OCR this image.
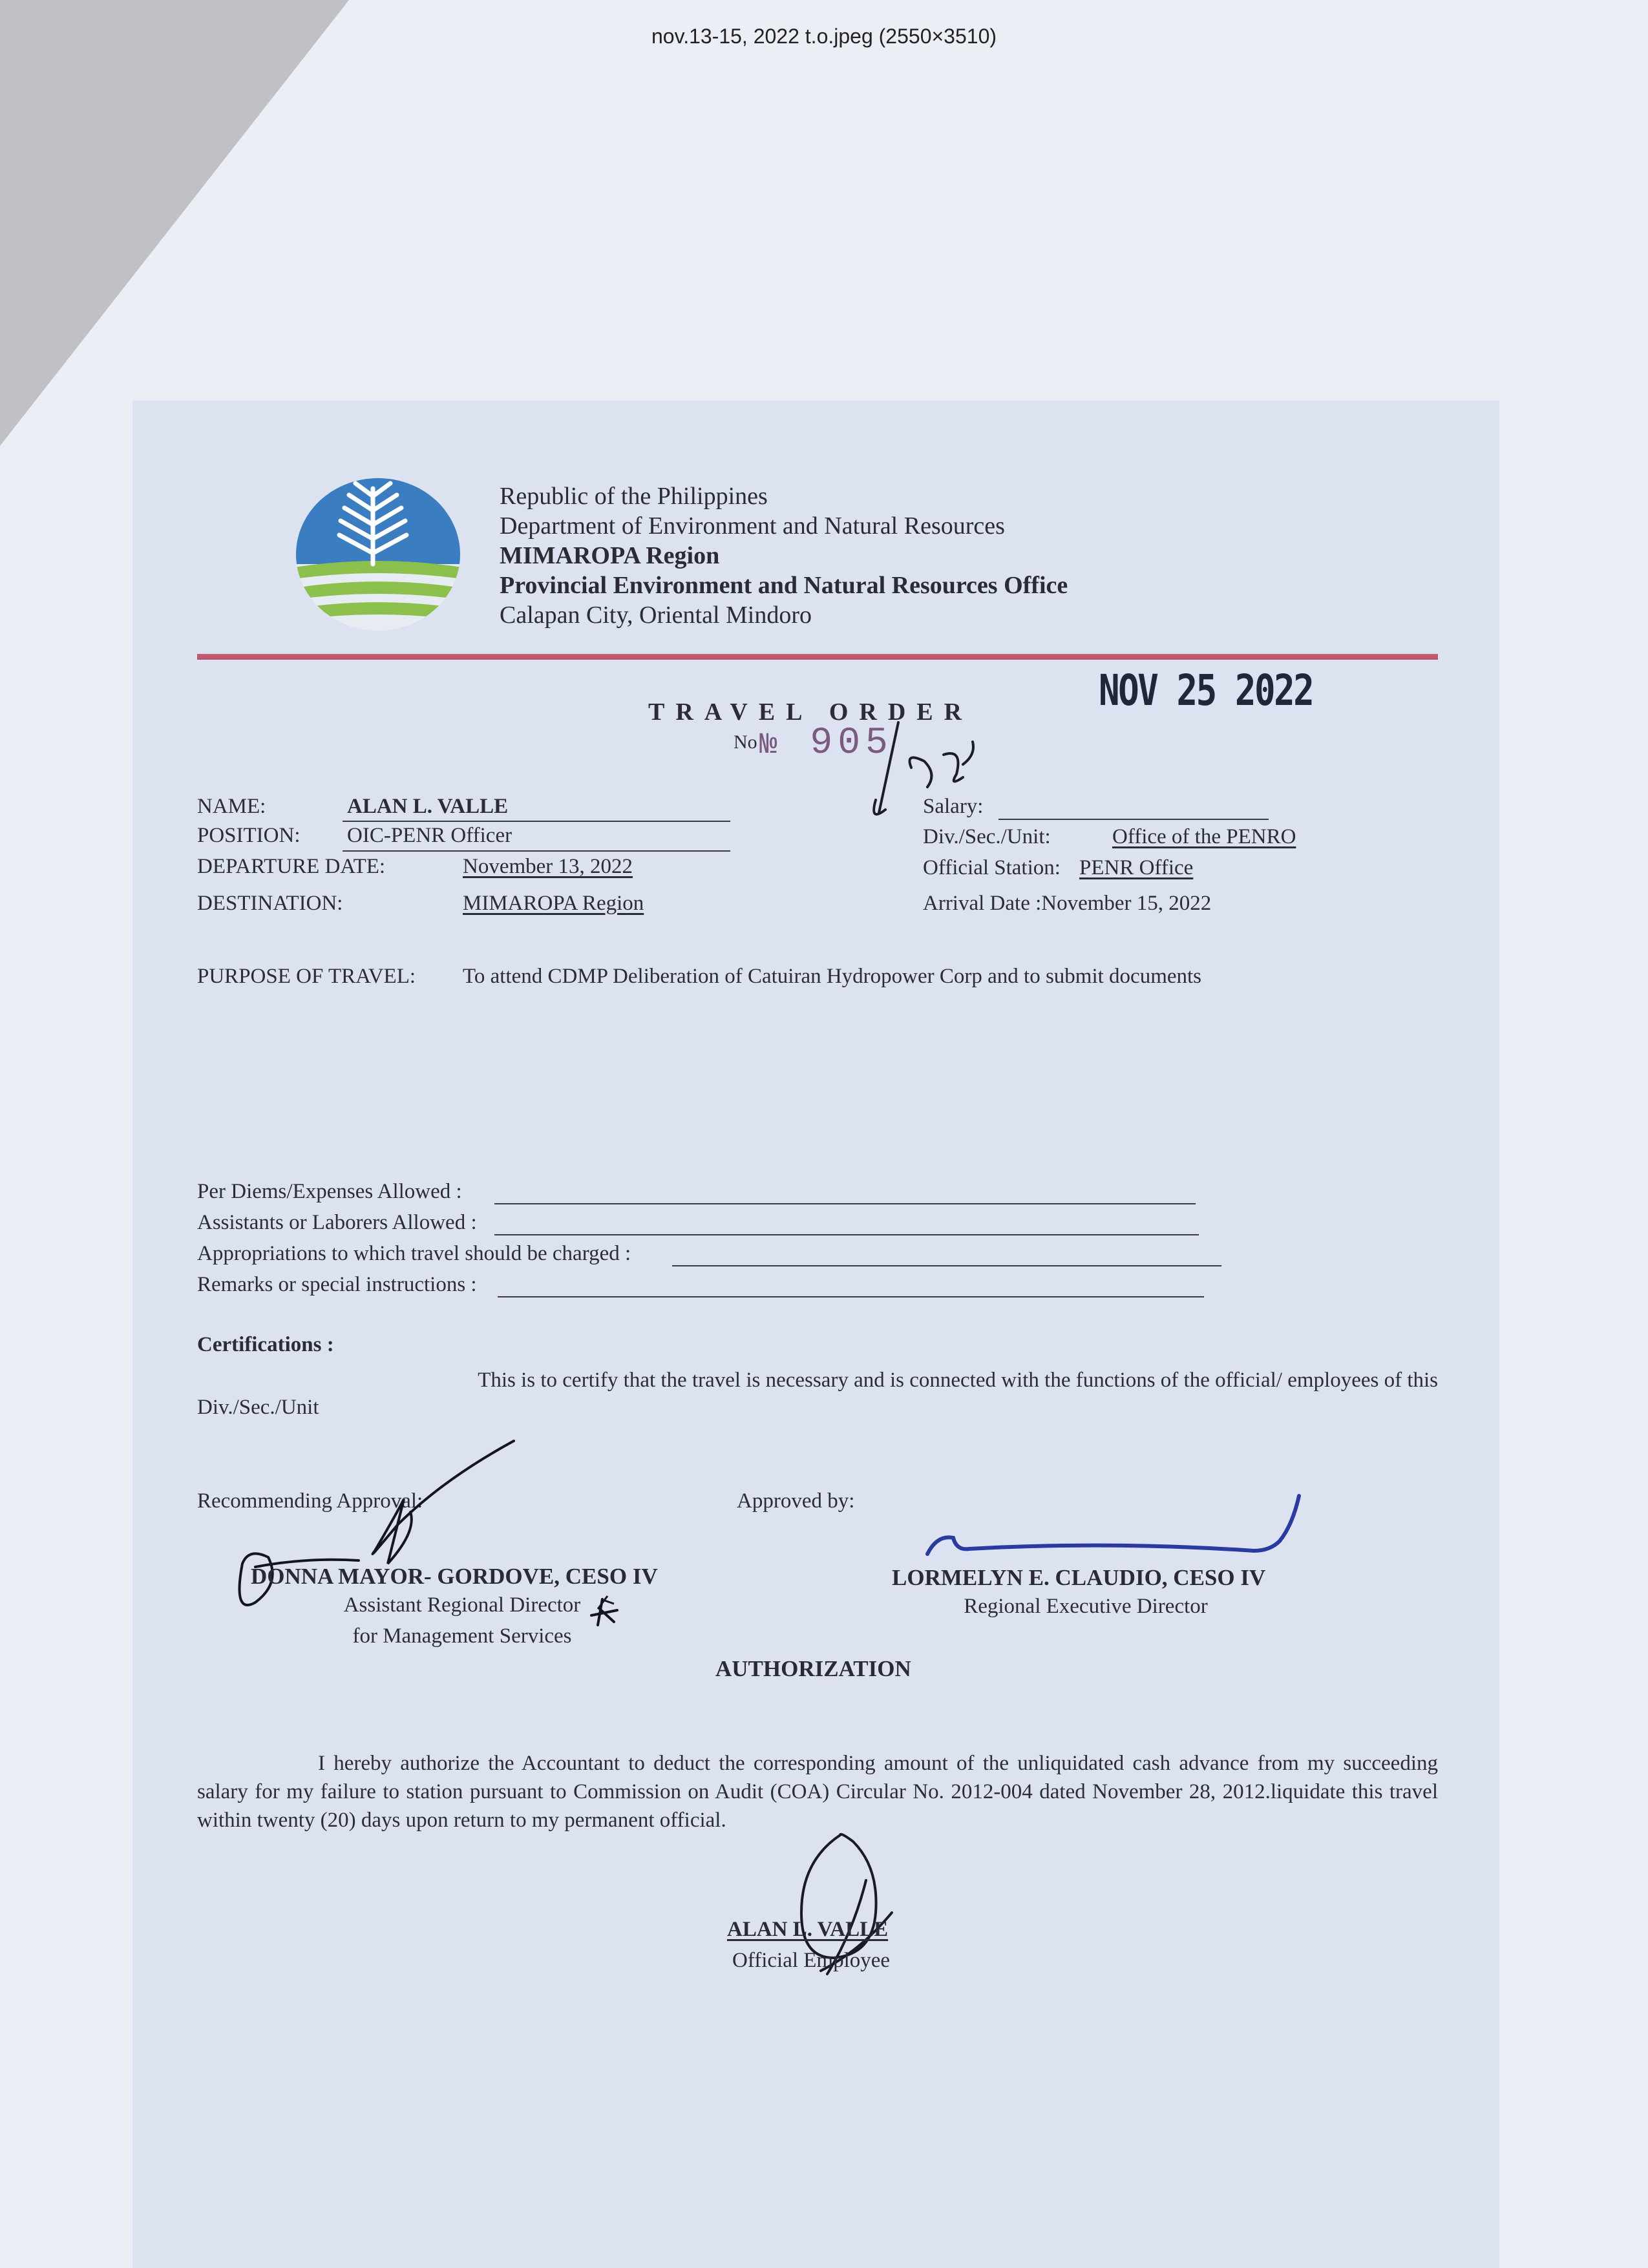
nov.13-15, 2022 t.o.jpeg (2550×3510)
Republic of the Philippines
Department of Environment and Natural Resources
MIMAROPA Region
Provincial Environment and Natural Resources Office
Calapan City, Oriental Mindoro
TRAVEL ORDER	NOV 25 2022
No № 905
NAME:	ALAN L. VALLE
POSITION: OIC-PENR Officer
DEPARTURE DATE:	November 13, 2022
DESTINATION:	MIMAROPA Region
Salary:
Div./Sec./Unit:	Office of the PENRO
Official Station: PENR Office
Arrival Date :November 15, 2022
PURPOSE OF TRAVEL: To attend CDMP Deliberation of Catuiran Hydropower Corp and to submit documents
Per Diems/Expenses Allowed :
Assistants or Laborers Allowed :
Appropriations to which travel should be charged :
Remarks or special instructions :
Certifications :
This is to certify that the travel is necessary and is connected with the functions of the official/ employees of this
Div./Sec./Unit
Recommending Approval:	Approved by:
DONNA MAYOR- GORDOVE, CESO IV
Assistant Regional Director
for Management Services
LORMELYN E. CLAUDIO, CESO IV
Regional Executive Director
AUTHORIZATION
I hereby authorize the Accountant to deduct the corresponding amount of the unliquidated cash advance from my succeeding salary for my failure to station pursuant to Commission on Audit (COA) Circular No. 2012-004 dated November 28, 2012.liquidate this travel within twenty (20) days upon return to my permanent official.
ALAN L. VALLE
Official Employee
